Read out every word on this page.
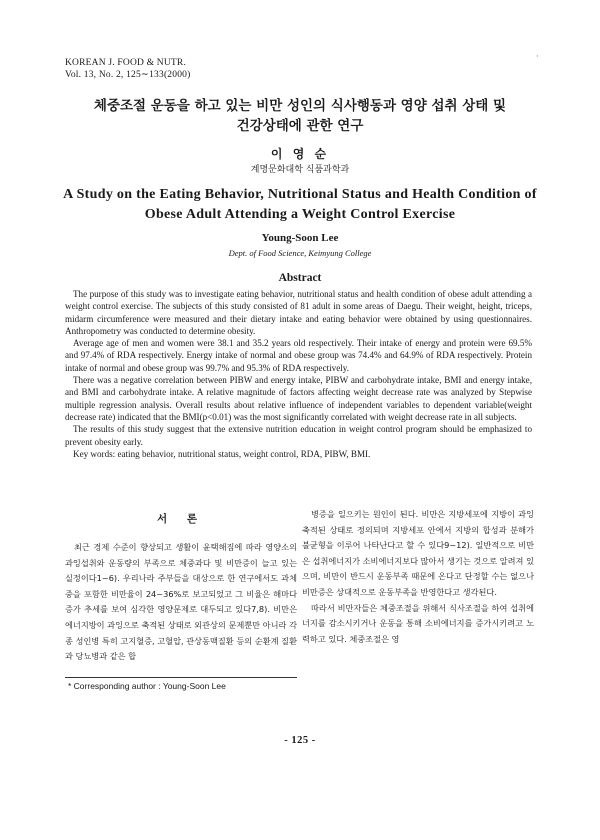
KOREAN J. FOOD & NUTR.
Vol. 13, No. 2, 125∼133(2000)
·
체중조절 운동을 하고 있는 비만 성인의 식사행동과 영양 섭취 상태 및
건강상태에 관한 연구
이 영 순
계명문화대학 식품과학과
A Study on the Eating Behavior, Nutritional Status and Health Condition of
Obese Adult Attending a Weight Control Exercise
Young-Soon Lee
Dept. of Food Science, Keimyung College
Abstract

The purpose of this study was to investigate eating behavior, nutritional status and health condition of obese adult attending a weight control exercise. The subjects of this study consisted of 81 adult in some areas of Daegu. Their weight, height, triceps, midarm circumference were measured and their dietary intake and eating behavior were obtained by using questionnaires. Anthropometry was conducted to determine obesity.

Average age of men and women were 38.1 and 35.2 years old respectively. Their intake of energy and protein were 69.5% and 97.4% of RDA respectively. Energy intake of normal and obese group was 74.4% and 64.9% of RDA respectively. Protein intake of normal and obese group was 99.7% and 95.3% of RDA respectively.

There was a negative correlation between PIBW and energy intake, PIBW and carbohydrate intake, BMI and energy intake, and BMI and carbohydrate intake. A relative magnitude of factors affecting weight decrease rate was analyzed by Stepwise multiple regression analysis. Overall results about relative influence of independent variables to dependent variable(weight decrease rate) indicated that the BMI(p<0.01) was the most significantly correlated with weight decrease rate in all subjects.

The results of this study suggest that the extensive nutrition education in weight control program should be emphasized to prevent obesity early.

Key words: eating behavior, nutritional status, weight control, RDA, PIBW, BMI.

서 론

최근 경제 수준이 향상되고 생활이 윤택해짐에 따라 영양소의 과잉섭취와 운동량의 부족으로 체중과다 및 비만증이 늘고 있는 실정이다1~6). 우리나라 주부들을 대상으로 한 연구에서도 과체중을 포함한 비만율이 24~36%로 보고되었고 그 비율은 해마다 증가 추세를 보여 심각한 영양문제로 대두되고 있다7,8). 비만은 에너지방이 과잉으로 축적된 상태로 외관상의 문제뿐만 아니라 각종 성인병 특히 고지혈증, 고혈압, 관상동맥질환 등의 순환계 질환과 당뇨병과 같은 합

병증을 일으키는 원인이 된다. 비만은 지방세포에 지방이 과잉 축적된 상태로 정의되며 지방세포 안에서 지방의 합성과 분해가 불균형을 이루어 나타난다고 할 수 있다9~12). 일반적으로 비만은 섭취에너지가 소비에너지보다 많아서 생기는 것으로 알려져 있으며, 비만이 반드시 운동부족 때문에 온다고 단정할 수는 없으나 비만증은 상대적으로 운동부족을 반영한다고 생각된다.

따라서 비만자들은 체중조절을 위해서 식사조절을 하여 섭취에너지를 감소시키거나 운동을 통해 소비에너지를 증가시키려고 노력하고 있다. 체중조절은 영

* Corresponding author : Young-Soon Lee
- 125 -
